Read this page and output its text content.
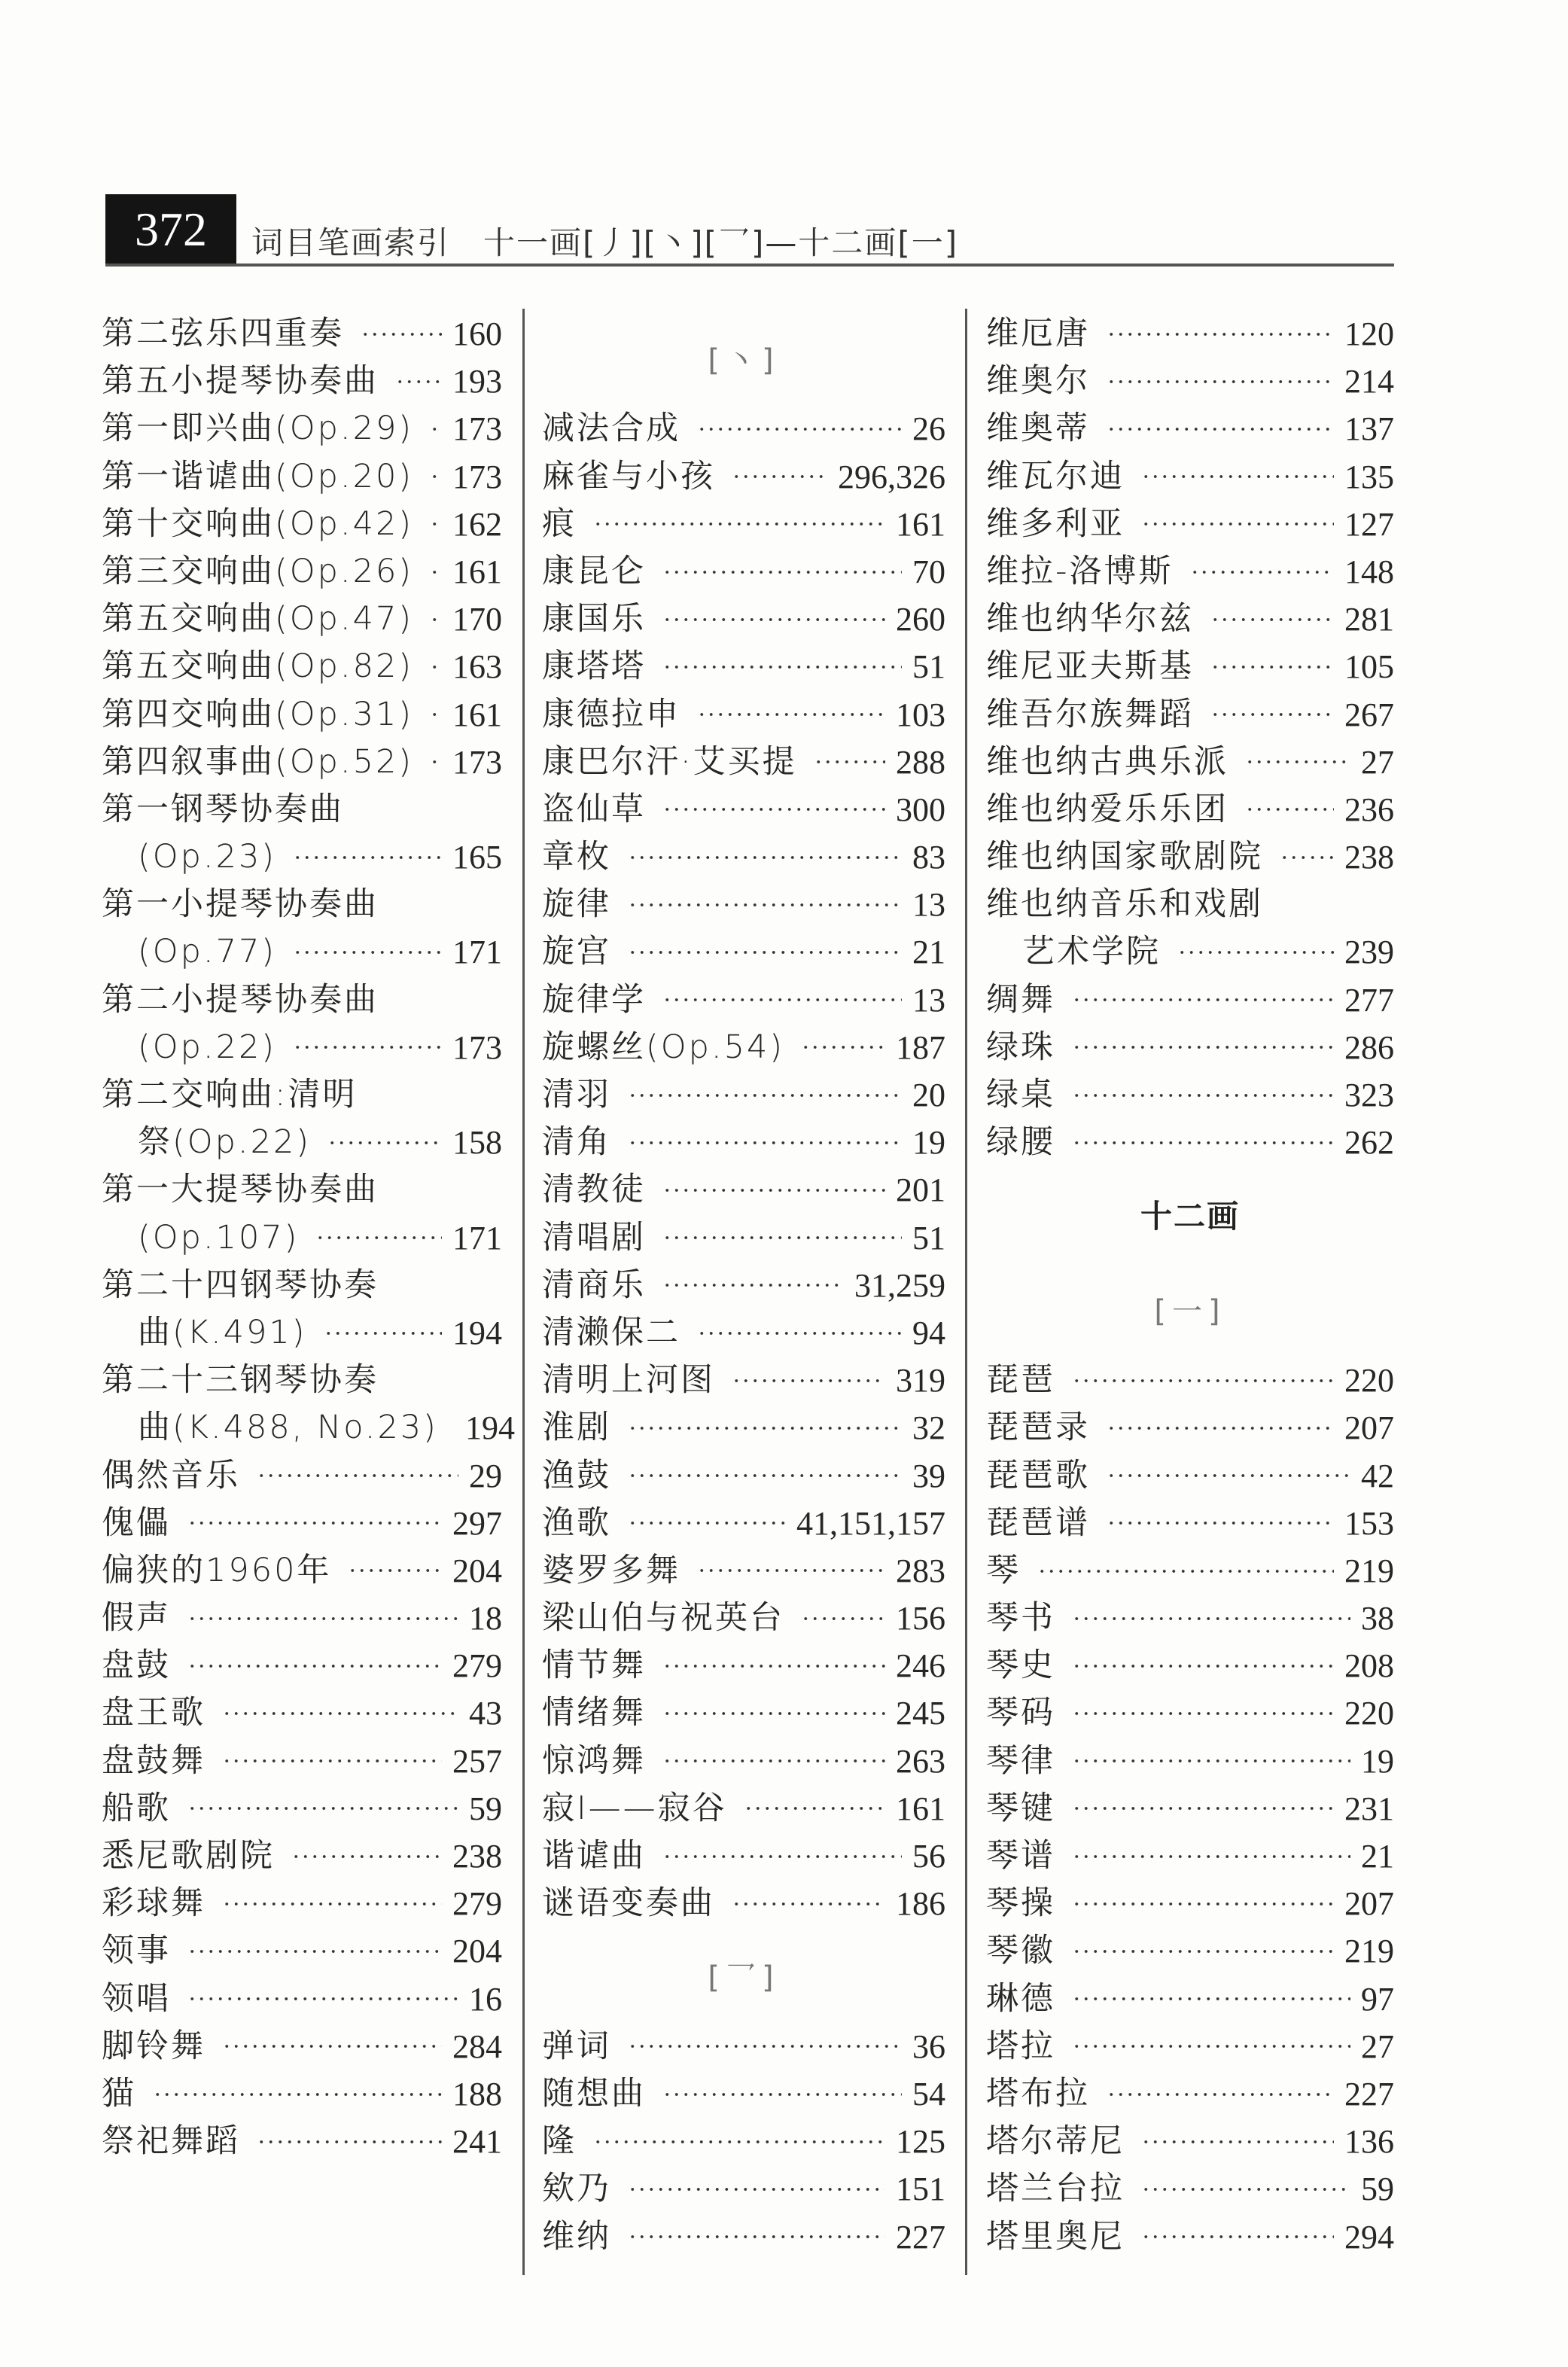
372	词目笔画索引 十一画[丿][丶][乛]—十二画[一]
第二弦乐四重奏	160
第五小提琴协奏曲 193
第一即兴曲(Op.29) 173
第一谐谑曲(Op.20) 173
第十交响曲(Op.42) 162
第三交响曲(Op.26) 161
第五交响曲(Op.47) 170
第五交响曲(Op.82) 163
第四交响曲(Op.31) 161
第四叙事曲(Op.52) 173
第一钢琴协奏曲
(Op.23)	165
第一小提琴协奏曲
(Op.77)	171
第二小提琴协奏曲
(Op.22)	173
第二交响曲:清明
祭(Op.22)	158
第一大提琴协奏曲
(Op.107)	171
第二十四钢琴协奏
曲(K.491)	194
第二十三钢琴协奏
曲(K.488, No.23) 194
偶然音乐	29
傀儡	297
偏狭的1960年	204
假声	18
盘鼓	279
盘王歌	43
盘鼓舞	257
船歌	59
悉尼歌剧院	238
彩球舞	279
领事	204
领唱	16
脚铃舞	284
猫	188
祭祀舞蹈	241
[丶]
减法合成	26
麻雀与小孩	296,326
痕	161
康昆仑	70
康国乐	260
康塔塔	51
康德拉申	103
康巴尔汗·艾买提	288
盗仙草	300
章枚	83
旋律	13
旋宫	21
旋律学	13
旋螺丝(Op.54)	187
清羽	20
清角	19
清教徒	201
清唱剧	51
清商乐	31,259
清濑保二	94
清明上河图	319
淮剧	32
渔鼓	39
渔歌	41,151,157
婆罗多舞	283
梁山伯与祝英台	156
情节舞	246
情绪舞	245
惊鸿舞	263
寂Ⅰ——寂谷	161
谐谑曲	56
谜语变奏曲	186
[乛]
弹词	36
随想曲	54
隆	125
欸乃	151
维纳	227
维厄唐	120
维奥尔	214
维奥蒂	137
维瓦尔迪	135
维多利亚	127
维拉-洛博斯	148
维也纳华尔兹	281
维尼亚夫斯基	105
维吾尔族舞蹈	267
维也纳古典乐派	27
维也纳爱乐乐团	236
维也纳国家歌剧院 238
维也纳音乐和戏剧
艺术学院	239
绸舞	277
绿珠	286
绿桌	323
绿腰	262
十二画
[一]
琵琶	220
琵琶录	207
琵琶歌	42
琵琶谱	153
琴	219
琴书	38
琴史	208
琴码	220
琴律	19
琴键	231
琴谱	21
琴操	207
琴徽	219
琳德	97
塔拉	27
塔布拉	227
塔尔蒂尼	136
塔兰台拉	59
塔里奥尼	294
